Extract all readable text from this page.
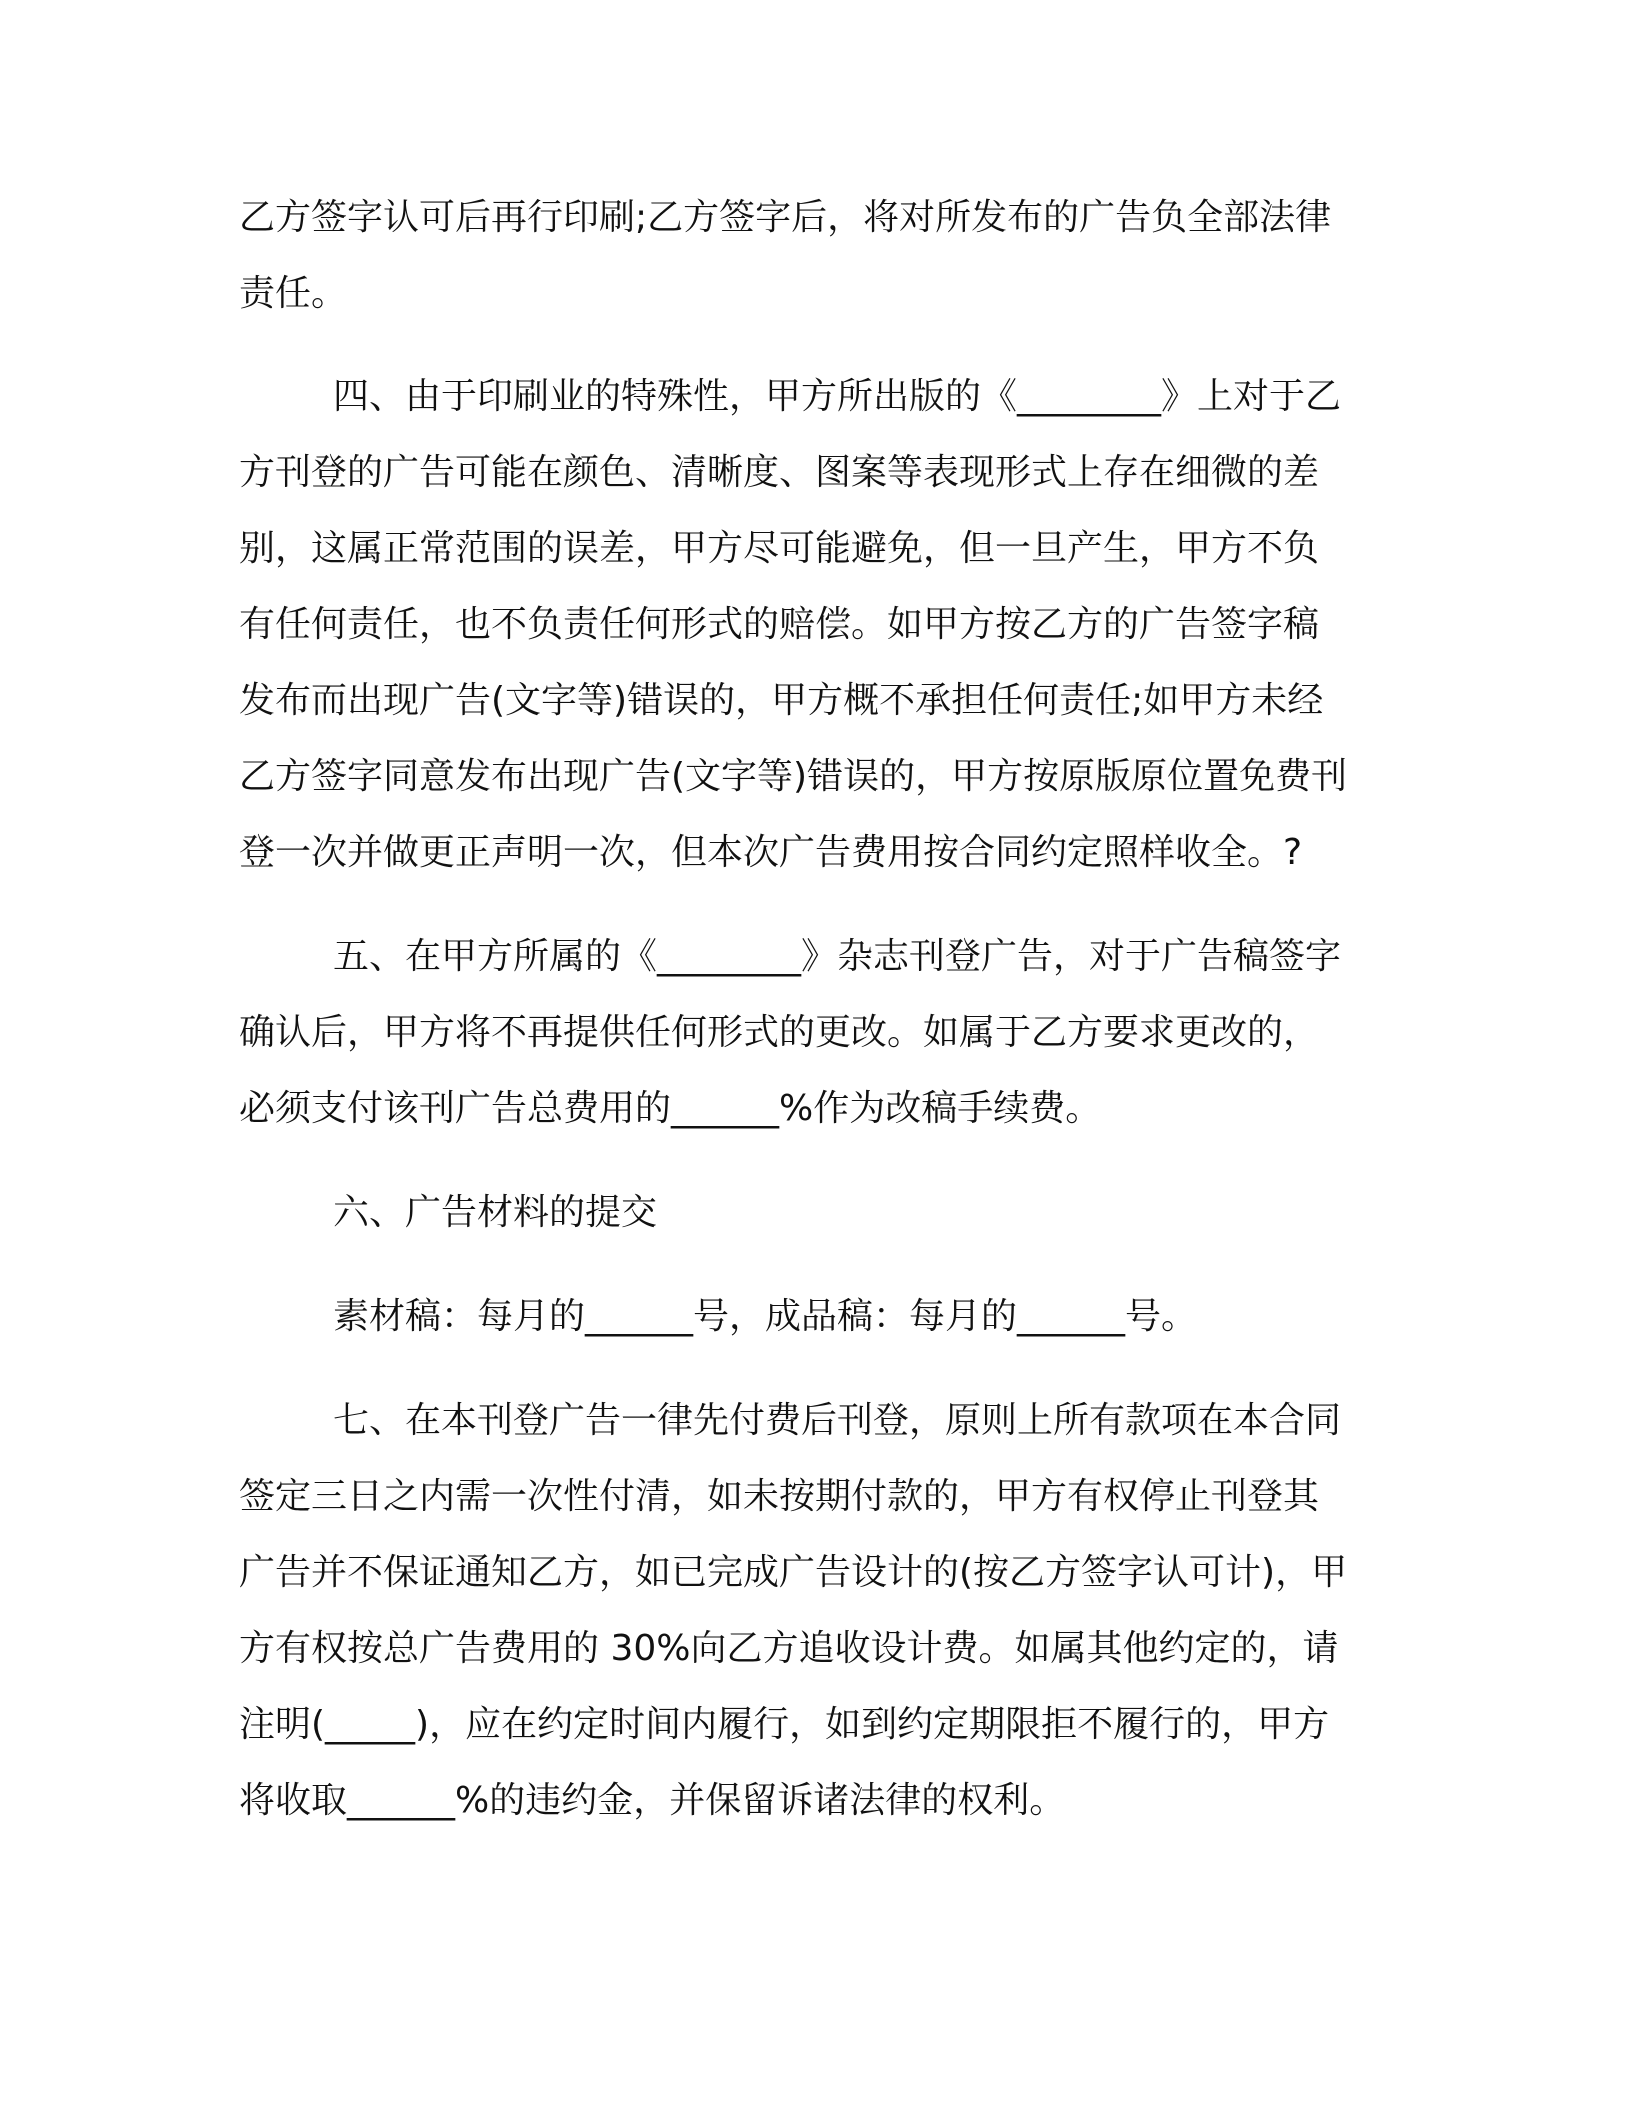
乙方签字认可后再行印刷;乙方签字后，将对所发布的广告负全部法律
责任。
四、由于印刷业的特殊性，甲方所出版的《________》上对于乙
方刊登的广告可能在颜色、清晰度、图案等表现形式上存在细微的差
别，这属正常范围的误差，甲方尽可能避免，但一旦产生，甲方不负
有任何责任，也不负责任何形式的赔偿。如甲方按乙方的广告签字稿
发布而出现广告(文字等)错误的，甲方概不承担任何责任;如甲方未经
乙方签字同意发布出现广告(文字等)错误的，甲方按原版原位置免费刊
登一次并做更正声明一次，但本次广告费用按合同约定照样收全。?
五、在甲方所属的《________》杂志刊登广告，对于广告稿签字
确认后，甲方将不再提供任何形式的更改。如属于乙方要求更改的，
必须支付该刊广告总费用的______%作为改稿手续费。
六、广告材料的提交
素材稿：每月的______号，成品稿：每月的______号。
七、在本刊登广告一律先付费后刊登，原则上所有款项在本合同
签定三日之内需一次性付清，如未按期付款的，甲方有权停止刊登其
广告并不保证通知乙方，如已完成广告设计的(按乙方签字认可计)，甲
方有权按总广告费用的 30%向乙方追收设计费。如属其他约定的，请
注明(_____)，应在约定时间内履行，如到约定期限拒不履行的，甲方
将收取______%的违约金，并保留诉诸法律的权利。
